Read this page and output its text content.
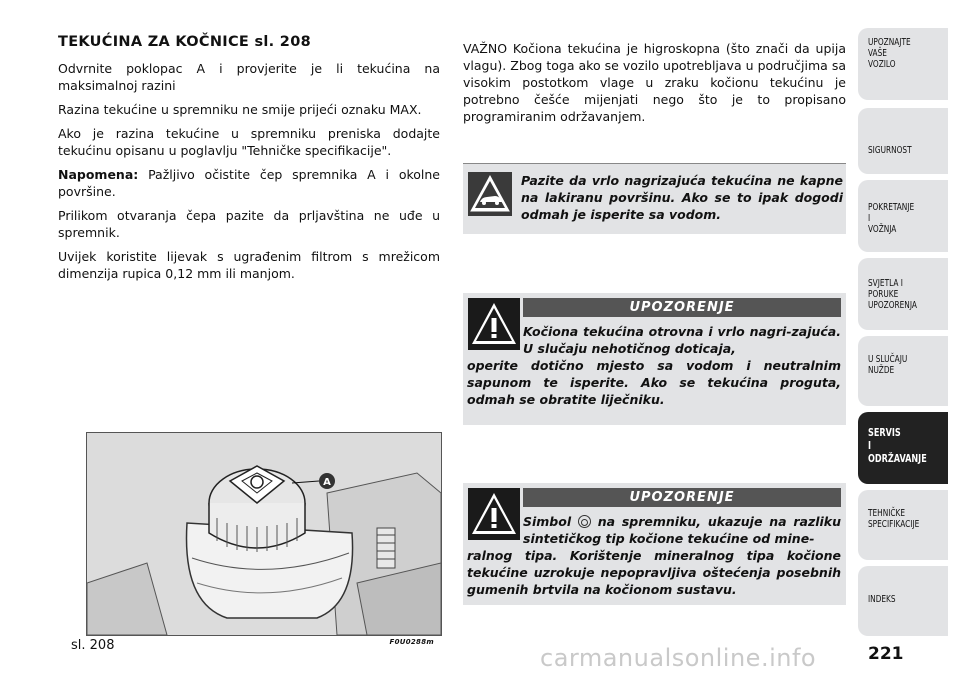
TEKUĆINA ZA KOČNICE sl. 208

Odvrnite poklopac A i provjerite je li tekućina na maksimalnoj razini

Razina tekućine u spremniku ne smije prijeći oznaku MAX.

Ako je razina tekućine u spremniku preniska dodajte tekućinu opisanu u poglavlju "Tehničke specifikacije".

Napomena: Pažljivo očistite čep spremnika A i okolne površine.

Prilikom otvaranja čepa pazite da prljavština ne uđe u spremnik.

Uvijek koristite lijevak s ugrađenim filtrom s mrežicom dimenzija rupica 0,12 mm ili manjom.

VAŽNO Kočiona tekućina je higroskopna (što znači da upija vlagu). Zbog toga ako se vozilo upotrebljava u područjima sa visokim postotkom vlage u zraku kočionu tekućinu je potrebno češće mijenjati nego što je to propisano programiranim održavanjem.

Pazite da vrlo nagrizajuća tekućina ne kapne na lakiranu površinu. Ako se to ipak dogodi odmah je isperite sa vodom.
UPOZORENJE
Kočiona tekućina otrovna i vrlo nagri-zajuća. U slučaju nehotičnog doticaja,
operite dotično mjesto sa vodom i neutralnim sapunom te isperite. Ako se tekućina proguta, odmah se obratite liječniku.
UPOZORENJE
Simbol na spremniku, ukazuje na razliku sintetičkog tip kočione tekućine od mine-
ralnog tipa. Korištenje mineralnog tipa kočione tekućine uzrokuje nepopravljiva oštećenja posebnih gumenih brtvila na kočionom sustavu.
A
sl. 208	F0U0288m
UPOZNAJTE
VAŠE
VOZILO
SIGURNOST
POKRETANJE
I
VOŽNJA
SVJETLA I
PORUKE
UPOZORENJA
U SLUČAJU
NUŽDE
SERVIS
I
ODRŽAVANJE
TEHNIČKE
SPECIFIKACIJE
INDEKS
carmanualsonline.info	221
